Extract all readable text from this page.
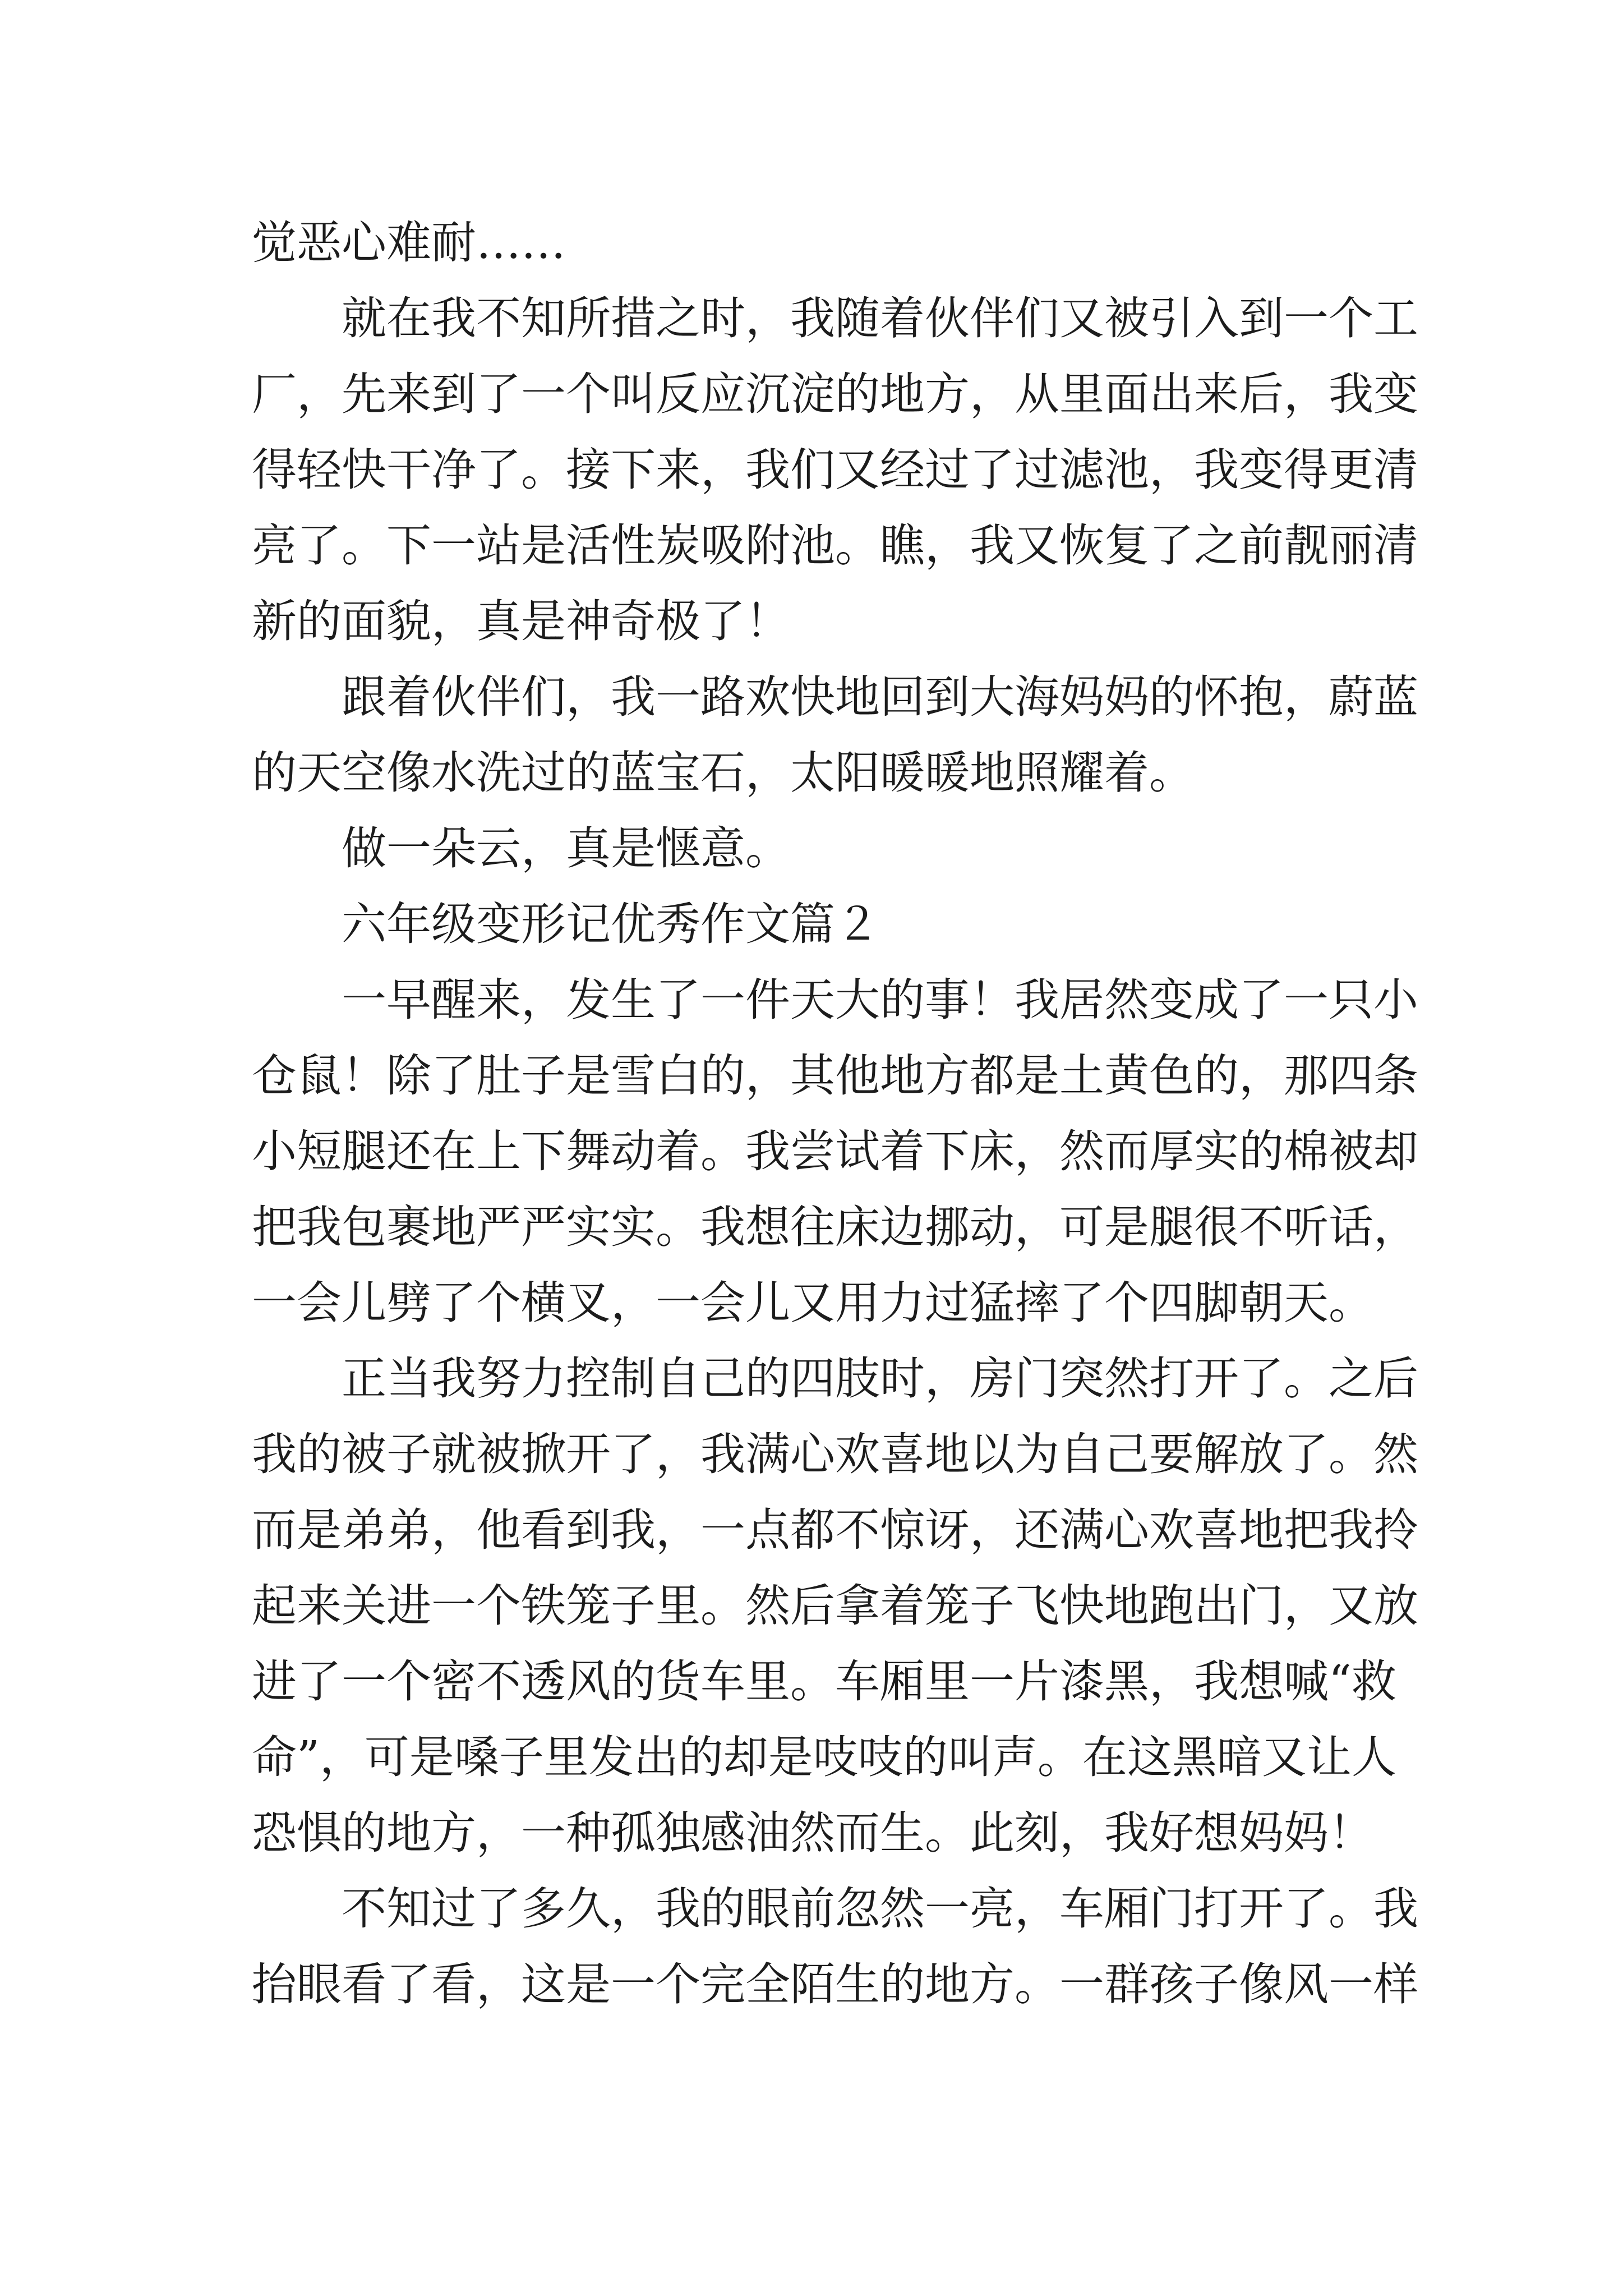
觉恶心难耐……

就在我不知所措之时，我随着伙伴们又被引入到一个工
厂，先来到了一个叫反应沉淀的地方，从里面出来后，我变
得轻快干净了。接下来，我们又经过了过滤池，我变得更清
亮了。下一站是活性炭吸附池。瞧，我又恢复了之前靓丽清
新的面貌，真是神奇极了！

跟着伙伴们，我一路欢快地回到大海妈妈的怀抱，蔚蓝
的天空像水洗过的蓝宝石，太阳暖暖地照耀着。

做一朵云，真是惬意。

六年级变形记优秀作文篇２

一早醒来，发生了一件天大的事！我居然变成了一只小
仓鼠！除了肚子是雪白的，其他地方都是土黄色的，那四条
小短腿还在上下舞动着。我尝试着下床，然而厚实的棉被却
把我包裹地严严实实。我想往床边挪动，可是腿很不听话，
一会儿劈了个横叉，一会儿又用力过猛摔了个四脚朝天。

正当我努力控制自己的四肢时，房门突然打开了。之后
我的被子就被掀开了，我满心欢喜地以为自己要解放了。然
而是弟弟，他看到我，一点都不惊讶，还满心欢喜地把我拎
起来关进一个铁笼子里。然后拿着笼子飞快地跑出门，又放
进了一个密不透风的货车里。车厢里一片漆黑，我想喊“救
命”，可是嗓子里发出的却是吱吱的叫声。在这黑暗又让人
恐惧的地方，一种孤独感油然而生。此刻，我好想妈妈！

不知过了多久，我的眼前忽然一亮，车厢门打开了。我
抬眼看了看，这是一个完全陌生的地方。一群孩子像风一样
